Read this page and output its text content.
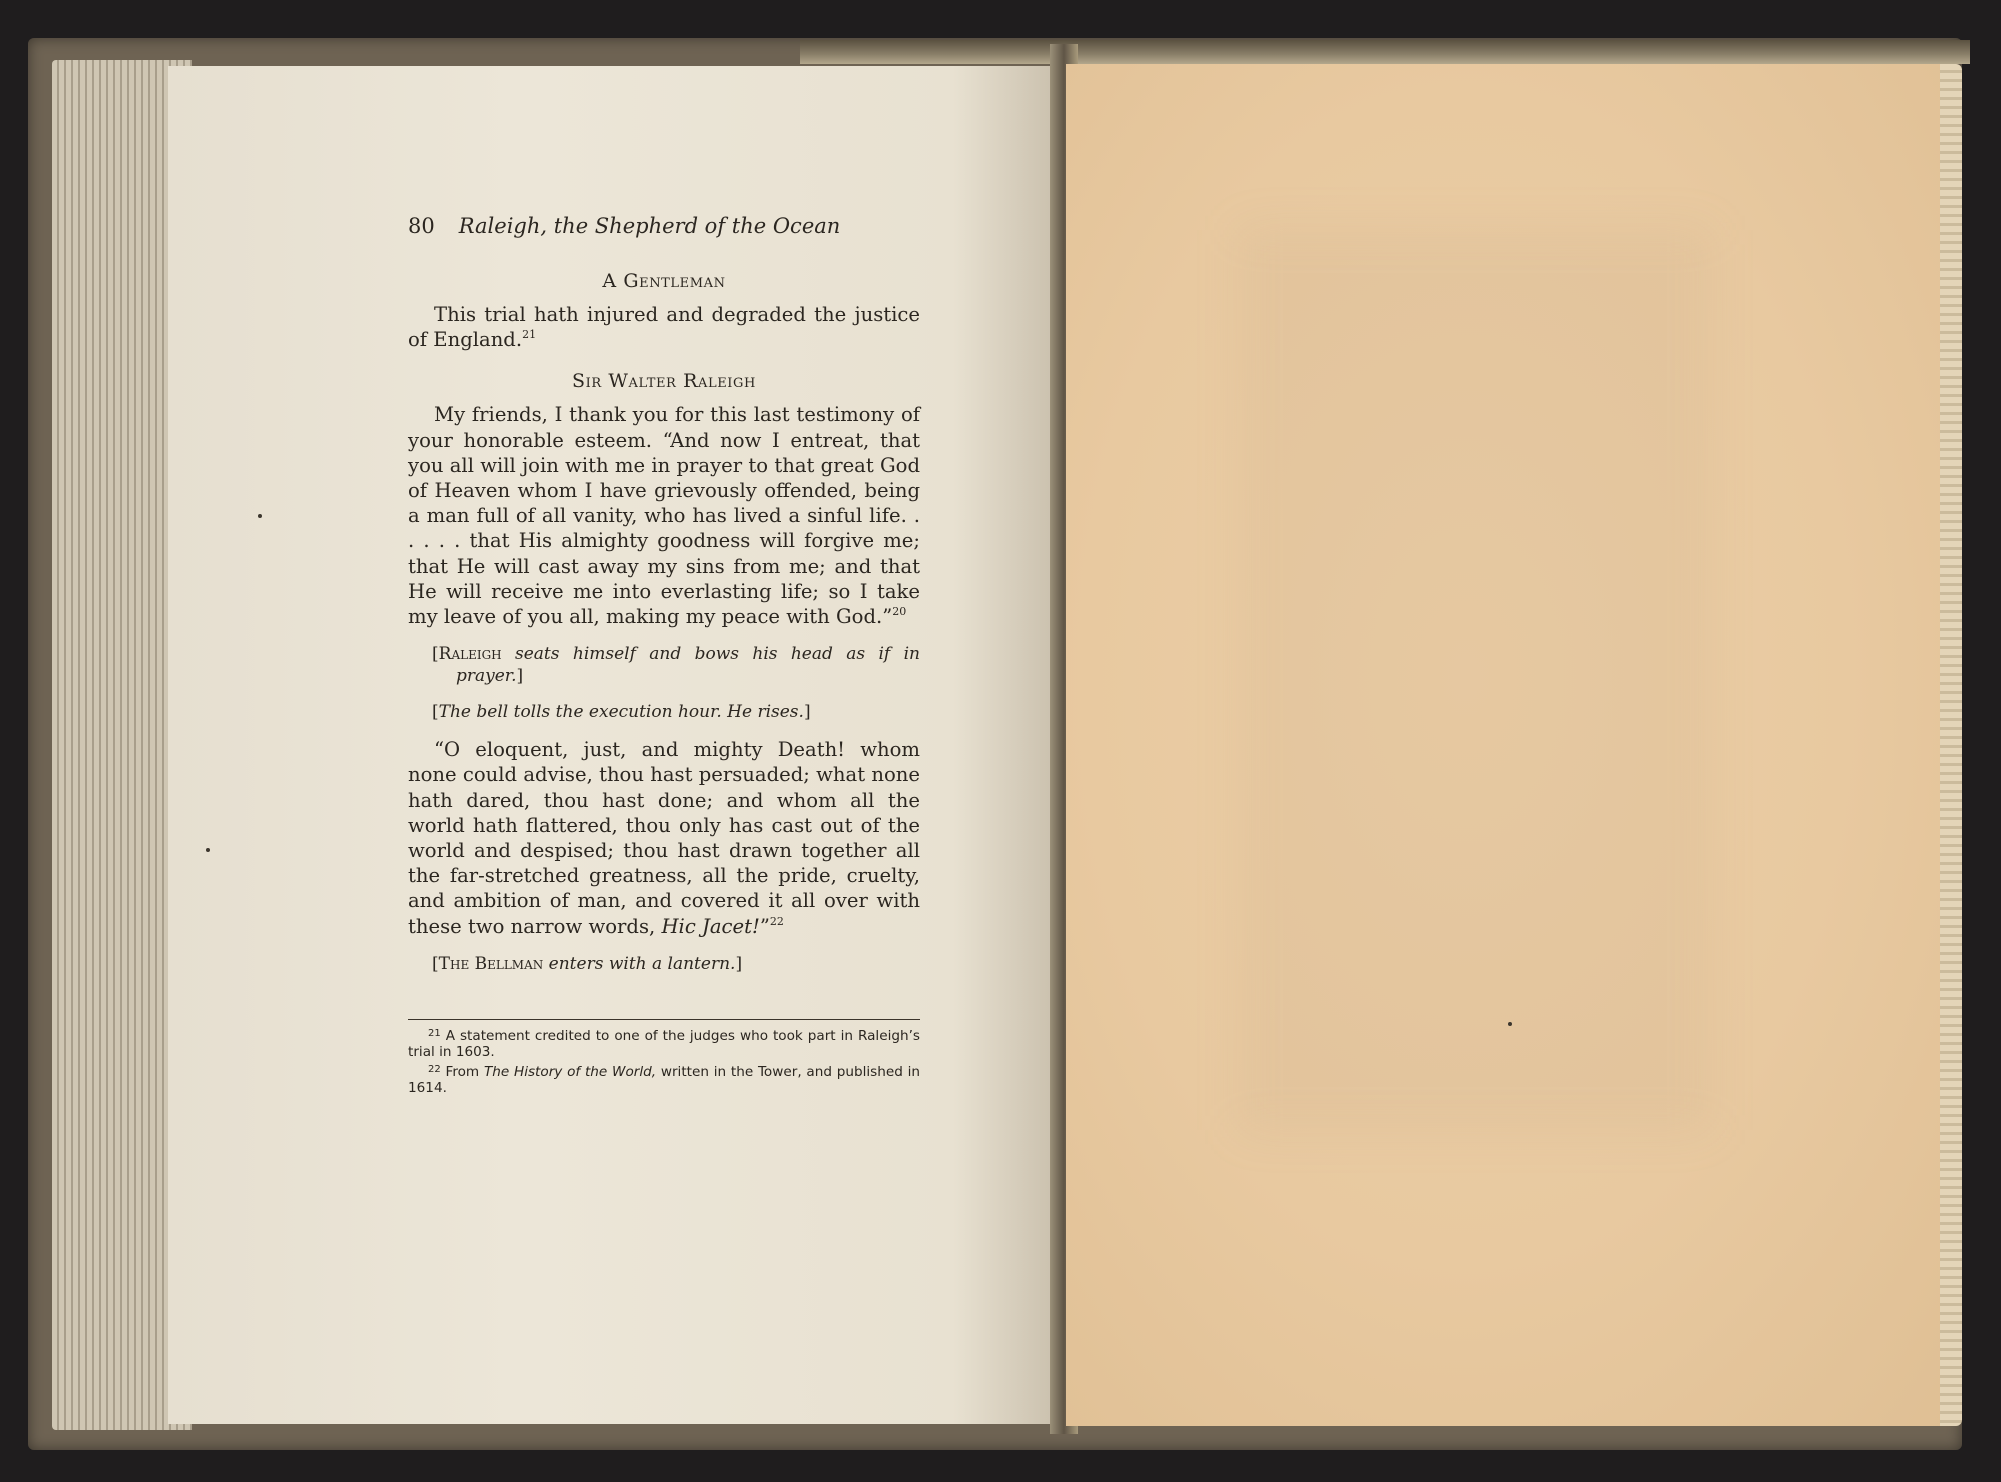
80 Raleigh, the Shepherd of the Ocean
A Gentleman

This trial hath injured and degraded the justice of England.$^{21}$

Sir Walter Raleigh

My friends, I thank you for this last testimony of your honorable esteem. “And now I entreat, that you all will join with me in prayer to that great God of Heaven whom I have grievously offended, being a man full of all vanity, who has lived a sinful life. . . . . . that His almighty goodness will forgive me; that He will cast away my sins from me; and that He will receive me into everlasting life; so I take my leave of you all, making my peace with God.”$^{20}$

[Raleigh seats himself and bows his head as if in prayer.]

[The bell tolls the execution hour. He rises.]

“O eloquent, just, and mighty Death! whom none could advise, thou hast persuaded; what none hath dared, thou hast done; and whom all the world hath flattered, thou only has cast out of the world and despised; thou hast drawn together all the far-stretched greatness, all the pride, cruelty, and ambition of man, and covered it all over with these two narrow words, Hic Jacet!”$^{22}$

[The Bellman enters with a lantern.]

$^{21}$ A statement credited to one of the judges who took part in Raleigh’s trial in 1603.

$^{22}$ From The History of the World, written in the Tower, and published in 1614.
